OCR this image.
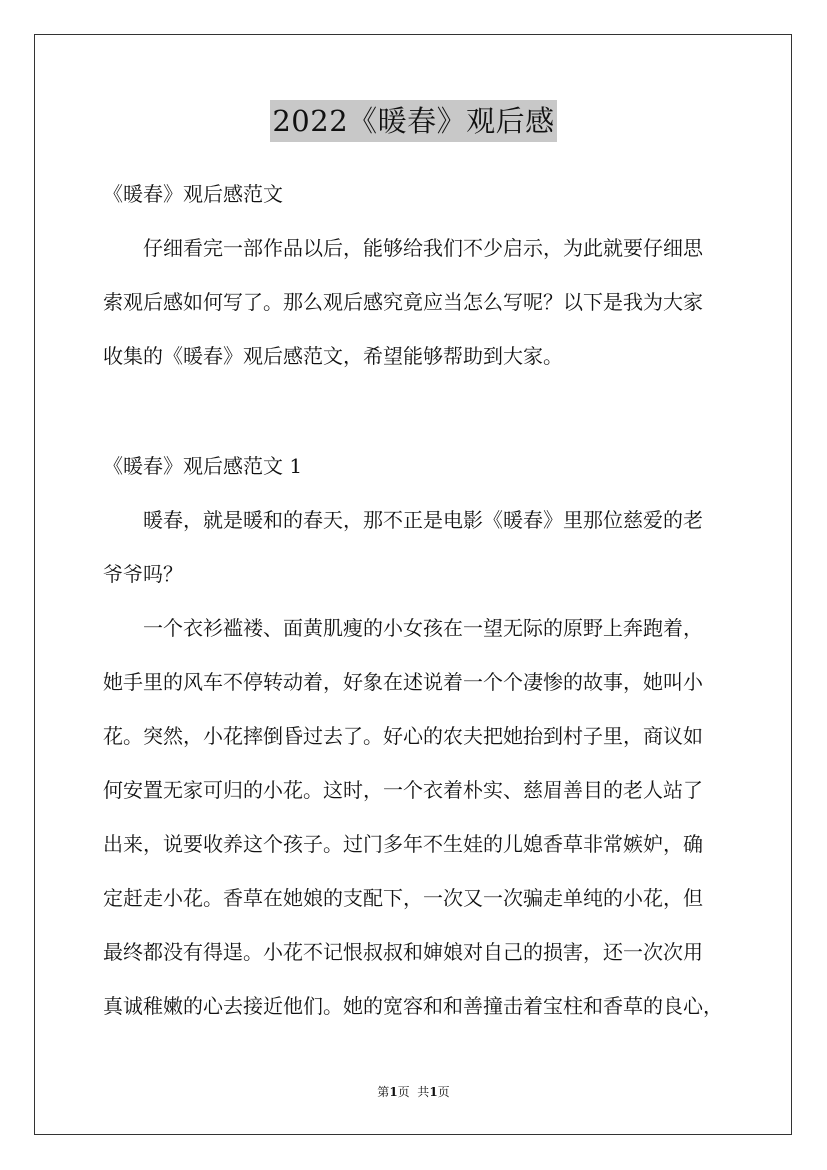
2022《暖春》观后感
《暖春》观后感范文
仔细看完一部作品以后，能够给我们不少启示，为此就要仔细思
索观后感如何写了。那么观后感究竟应当怎么写呢？以下是我为大家
收集的《暖春》观后感范文，希望能够帮助到大家。
《暖春》观后感范文 1
暖春，就是暖和的春天，那不正是电影《暖春》里那位慈爱的老
爷爷吗？
一个衣衫褴褛、面黄肌瘦的小女孩在一望无际的原野上奔跑着，
她手里的风车不停转动着，好象在述说着一个个凄惨的故事，她叫小
花。突然，小花摔倒昏过去了。好心的农夫把她抬到村子里，商议如
何安置无家可归的小花。这时，一个衣着朴实、慈眉善目的老人站了
出来，说要收养这个孩子。过门多年不生娃的儿媳香草非常嫉妒，确
定赶走小花。香草在她娘的支配下，一次又一次骗走单纯的小花，但
最终都没有得逞。小花不记恨叔叔和婶娘对自己的损害，还一次次用
真诚稚嫩的心去接近他们。她的宽容和和善撞击着宝柱和香草的良心，
第1页  共1页
